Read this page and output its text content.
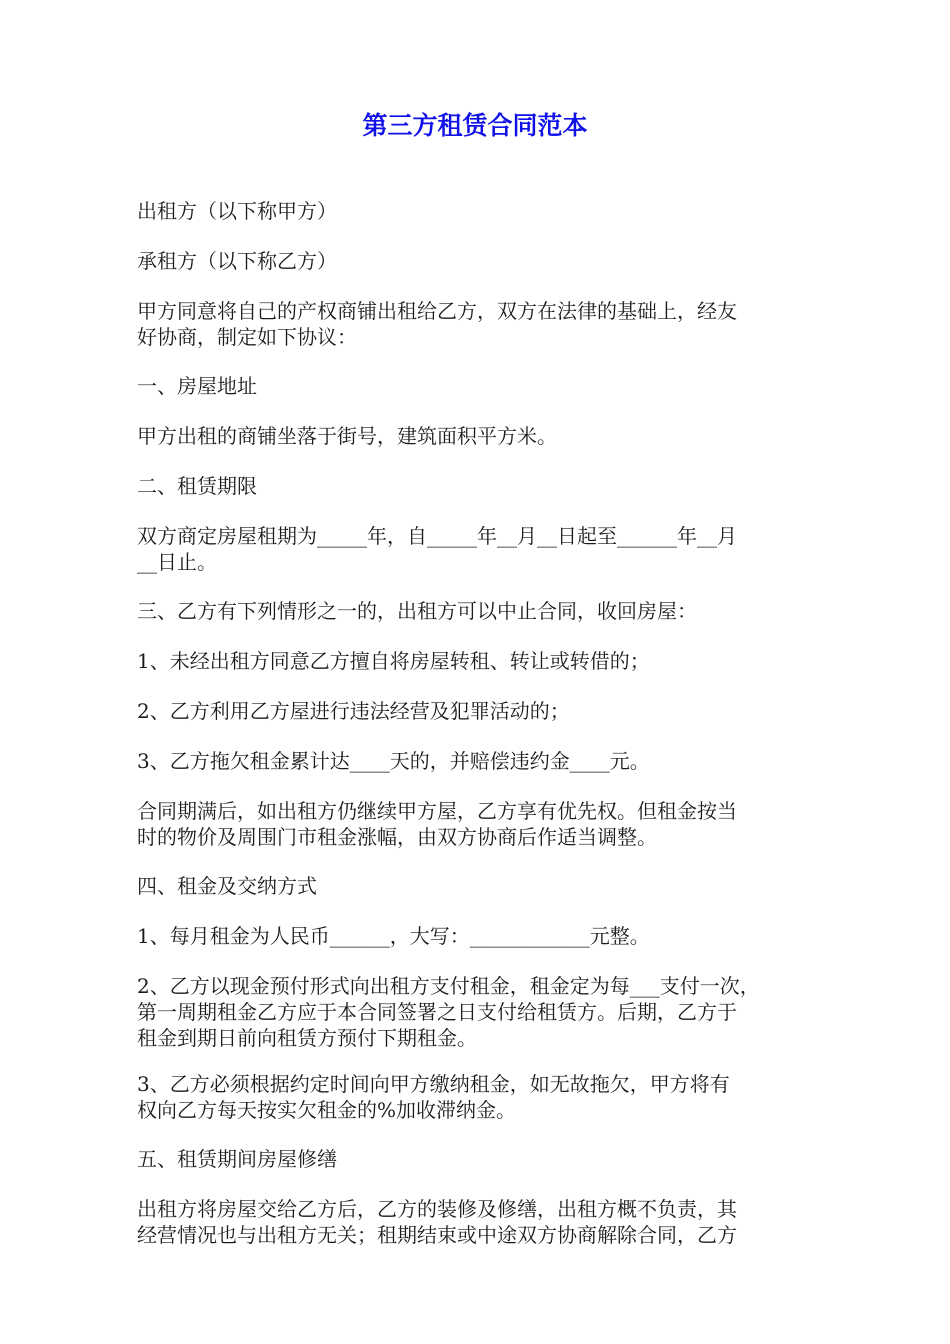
第三方租赁合同范本

出租方（以下称甲方）

承租方（以下称乙方）

甲方同意将自己的产权商铺出租给乙方，双方在法律的基础上，经友
好协商，制定如下协议：

一、房屋地址

甲方出租的商铺坐落于街号，建筑面积平方米。

二、租赁期限

双方商定房屋租期为_____年，自_____年__月__日起至______年__月
__日止。

三、乙方有下列情形之一的，出租方可以中止合同，收回房屋：

1、未经出租方同意乙方擅自将房屋转租、转让或转借的；

2、乙方利用乙方屋进行违法经营及犯罪活动的；

3、乙方拖欠租金累计达____天的，并赔偿违约金____元。

合同期满后，如出租方仍继续甲方屋，乙方享有优先权。但租金按当
时的物价及周围门市租金涨幅，由双方协商后作适当调整。

四、租金及交纳方式

1、每月租金为人民币______，大写：____________元整。

2、乙方以现金预付形式向出租方支付租金，租金定为每___支付一次，
第一周期租金乙方应于本合同签署之日支付给租赁方。后期，乙方于
租金到期日前向租赁方预付下期租金。

3、乙方必须根据约定时间向甲方缴纳租金，如无故拖欠，甲方将有
权向乙方每天按实欠租金的%加收滞纳金。

五、租赁期间房屋修缮

出租方将房屋交给乙方后，乙方的装修及修缮，出租方概不负责，其
经营情况也与出租方无关；租期结束或中途双方协商解除合同，乙方
